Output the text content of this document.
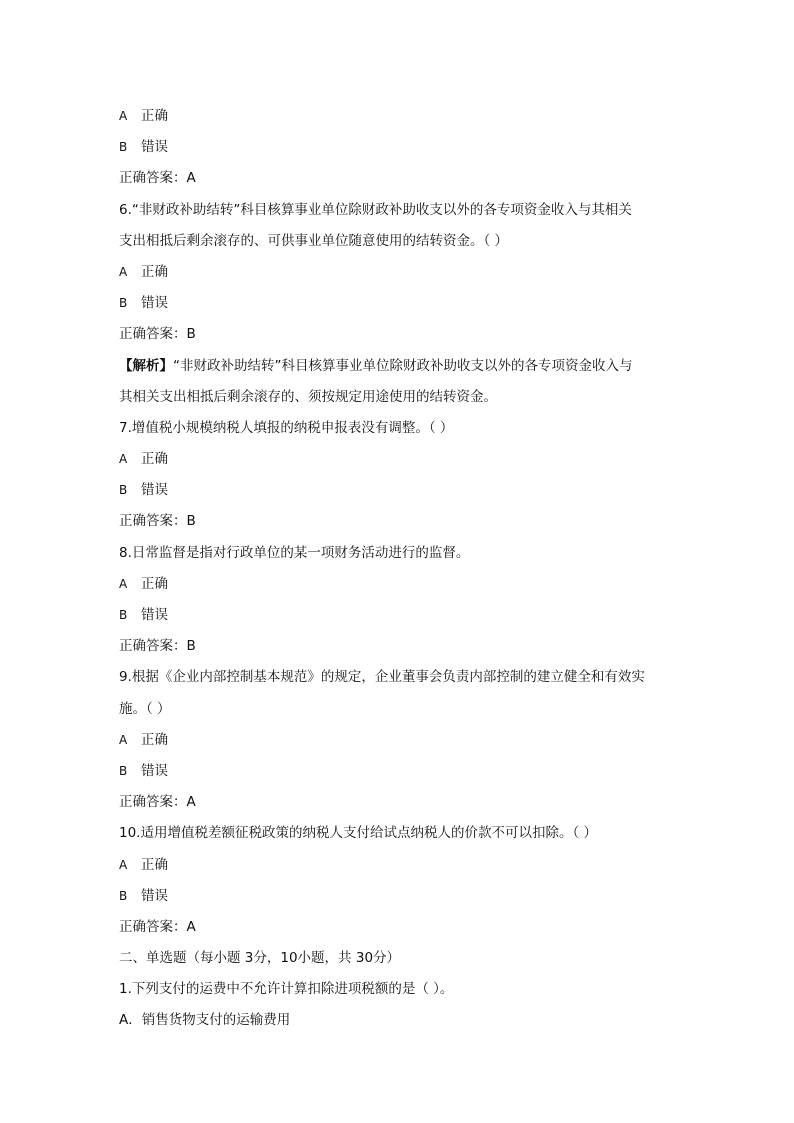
A 正确
B 错误
正确答案：A
6.“非财政补助结转”科目核算事业单位除财政补助收支以外的各专项资金收入与其相关
支出相抵后剩余滚存的、可供事业单位随意使用的结转资金。（ ）
A 正确
B 错误
正确答案：B
【解析】“非财政补助结转”科目核算事业单位除财政补助收支以外的各专项资金收入与
其相关支出相抵后剩余滚存的、须按规定用途使用的结转资金。
7.增值税小规模纳税人填报的纳税申报表没有调整。（ ）
A 正确
B 错误
正确答案：B
8.日常监督是指对行政单位的某一项财务活动进行的监督。
A 正确
B 错误
正确答案：B
9.根据《企业内部控制基本规范》的规定，企业董事会负责内部控制的建立健全和有效实
施。（ ）
A 正确
B 错误
正确答案：A
10.适用增值税差额征税政策的纳税人支付给试点纳税人的价款不可以扣除。（ ）
A 正确
B 错误
正确答案：A
二、单选题（每小题 3分，10小题，共 30分）
1.下列支付的运费中不允许计算扣除进项税额的是（ ）。
A．销售货物支付的运输费用
